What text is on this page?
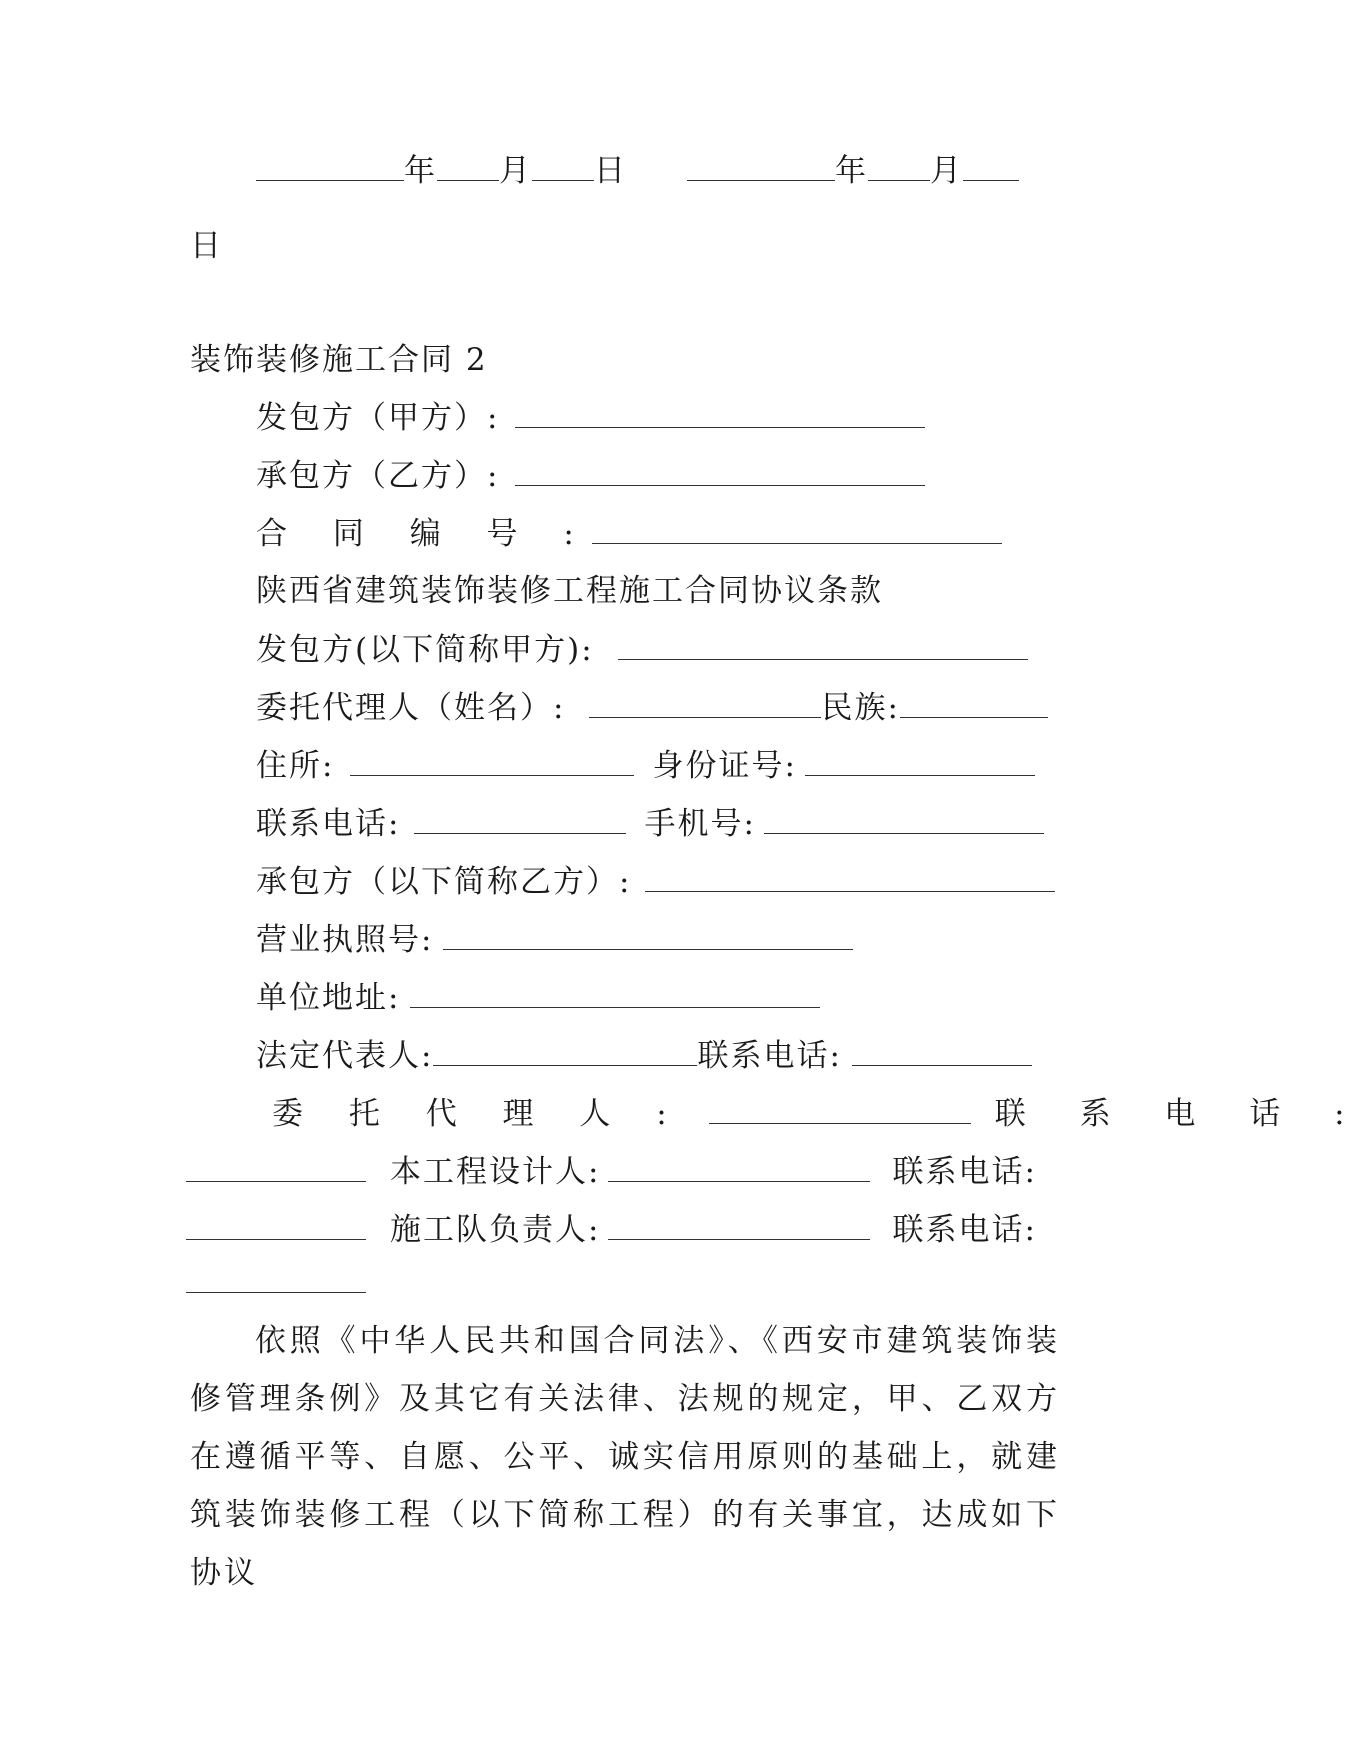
年 月 日	年 月
日
装饰装修施工合同 2
发包方（甲方）:
承包方（乙方）:
合 同 编 号 :
陕西省建筑装饰装修工程施工合同协议条款
发包方(以下简称甲方):
委托代理人（姓名）:	民族:
住所:	身份证号:
联系电话:	手机号:
承包方（以下简称乙方）:
营业执照号:
单位地址:
法定代表人:	联系电话:
委 托 代 理 人 :	联 系 电 话 :
本工程设计人:	联系电话:
施工队负责人:	联系电话:
依照《中华人民共和国合同法》、《西安市建筑装饰装修管理条例》及其它有关法律、法规的规定，甲、乙双方在遵循平等、自愿、公平、诚实信用原则的基础上，就建筑装饰装修工程（以下简称工程）的有关事宜，达成如下协议
